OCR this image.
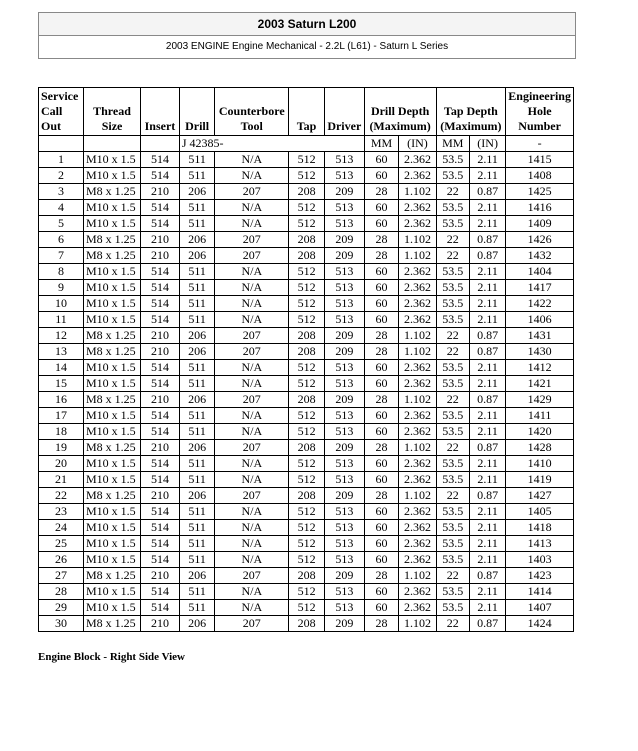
2003 Saturn L200
2003 ENGINE Engine Mechanical - 2.2L (L61) - Saturn L Series
Service Call Out	Thread Size	Insert	Drill	Counterbore Tool	Tap	Driver	Drill Depth (Maximum)		Tap Depth (Maximum)		Engineering Hole Number
			J 42385-				MM	(IN)	MM	(IN)	-
1	M10 x 1.5	514	511	N/A	512	513	60	2.362	53.5	2.11	1415
2	M10 x 1.5	514	511	N/A	512	513	60	2.362	53.5	2.11	1408
3	M8 x 1.25	210	206	207	208	209	28	1.102	22	0.87	1425
4	M10 x 1.5	514	511	N/A	512	513	60	2.362	53.5	2.11	1416
5	M10 x 1.5	514	511	N/A	512	513	60	2.362	53.5	2.11	1409
6	M8 x 1.25	210	206	207	208	209	28	1.102	22	0.87	1426
7	M8 x 1.25	210	206	207	208	209	28	1.102	22	0.87	1432
8	M10 x 1.5	514	511	N/A	512	513	60	2.362	53.5	2.11	1404
9	M10 x 1.5	514	511	N/A	512	513	60	2.362	53.5	2.11	1417
10	M10 x 1.5	514	511	N/A	512	513	60	2.362	53.5	2.11	1422
11	M10 x 1.5	514	511	N/A	512	513	60	2.362	53.5	2.11	1406
12	M8 x 1.25	210	206	207	208	209	28	1.102	22	0.87	1431
13	M8 x 1.25	210	206	207	208	209	28	1.102	22	0.87	1430
14	M10 x 1.5	514	511	N/A	512	513	60	2.362	53.5	2.11	1412
15	M10 x 1.5	514	511	N/A	512	513	60	2.362	53.5	2.11	1421
16	M8 x 1.25	210	206	207	208	209	28	1.102	22	0.87	1429
17	M10 x 1.5	514	511	N/A	512	513	60	2.362	53.5	2.11	1411
18	M10 x 1.5	514	511	N/A	512	513	60	2.362	53.5	2.11	1420
19	M8 x 1.25	210	206	207	208	209	28	1.102	22	0.87	1428
20	M10 x 1.5	514	511	N/A	512	513	60	2.362	53.5	2.11	1410
21	M10 x 1.5	514	511	N/A	512	513	60	2.362	53.5	2.11	1419
22	M8 x 1.25	210	206	207	208	209	28	1.102	22	0.87	1427
23	M10 x 1.5	514	511	N/A	512	513	60	2.362	53.5	2.11	1405
24	M10 x 1.5	514	511	N/A	512	513	60	2.362	53.5	2.11	1418
25	M10 x 1.5	514	511	N/A	512	513	60	2.362	53.5	2.11	1413
26	M10 x 1.5	514	511	N/A	512	513	60	2.362	53.5	2.11	1403
27	M8 x 1.25	210	206	207	208	209	28	1.102	22	0.87	1423
28	M10 x 1.5	514	511	N/A	512	513	60	2.362	53.5	2.11	1414
29	M10 x 1.5	514	511	N/A	512	513	60	2.362	53.5	2.11	1407
30	M8 x 1.25	210	206	207	208	209	28	1.102	22	0.87	1424
Engine Block - Right Side View
